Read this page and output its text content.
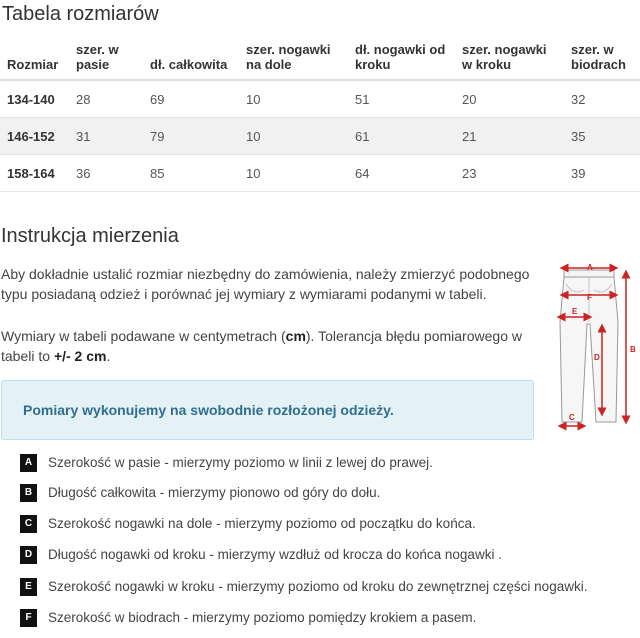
Tabela rozmiarów
Rozmiar	szer. w pasie	dł. całkowita	szer. nogawki na dole	dł. nogawki od kroku	szer. nogawki w kroku	szer. w biodrach
134-140	28	69	10	51	20	32
146-152	31	79	10	61	21	35
158-164	36	85	10	64	23	39
Instrukcja mierzenia

Aby dokładnie ustalić rozmiar niezbędny do zamówienia, należy zmierzyć podobnego typu posiadaną odzież i porównać jej wymiary z wymiarami podanymi w tabeli.

Wymiary w tabeli podawane w centymetrach (cm). Tolerancja błędu pomiarowego w tabeli to +/- 2 cm.

Pomiary wykonujemy na swobodnie rozłożonej odzieży.
A
F
E
D
B
C
A	Szerokość w pasie - mierzymy poziomo w linii z lewej do prawej.
B	Długość całkowita - mierzymy pionowo od góry do dołu.
C	Szerokość nogawki na dole - mierzymy poziomo od początku do końca.
D	Długość nogawki od kroku - mierzymy wzdłuż od krocza do końca nogawki .
E	Szerokość nogawki w kroku - mierzymy poziomo od kroku do zewnętrznej części nogawki.
F	Szerokość w biodrach - mierzymy poziomo pomiędzy krokiem a pasem.
